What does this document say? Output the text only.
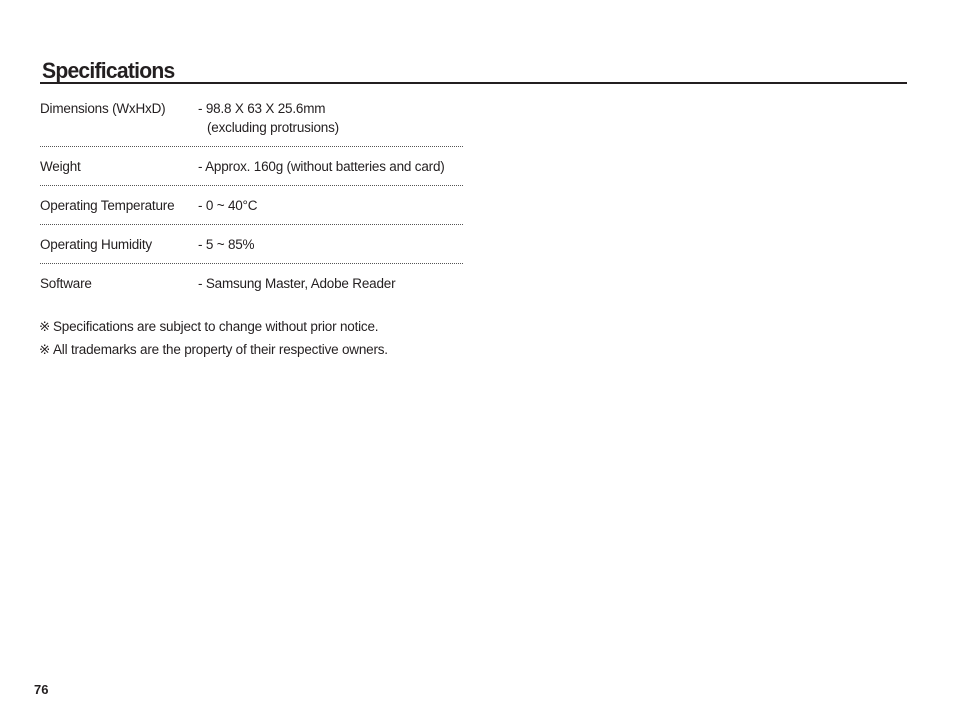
Specifications
Dimensions (WxHxD)	- 98.8 X 63 X 25.6mm
(excluding protrusions)
Weight	- Approx. 160g (without batteries and card)
Operating Temperature	- 0 ~ 40°C
Operating Humidity	- 5 ~ 85%
Software	- Samsung Master, Adobe Reader
※ Specifications are subject to change without prior notice.
※ All trademarks are the property of their respective owners.
76
